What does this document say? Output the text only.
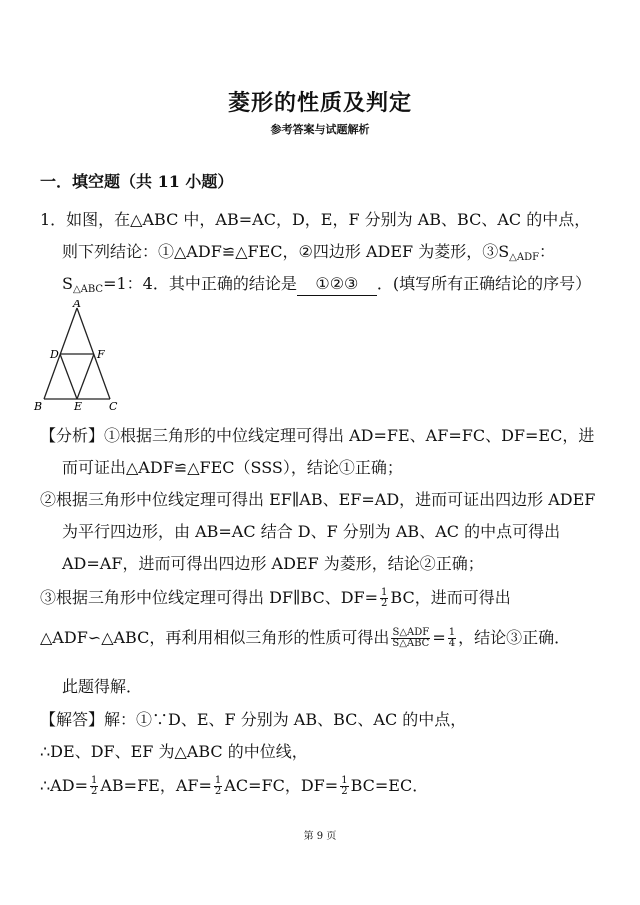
菱形的性质及判定
参考答案与试题解析
一．填空题（共 11 小题）
1．如图，在△ABC 中，AB=AC，D，E，F 分别为 AB、BC、AC 的中点，
则下列结论：①△ADF≌△FEC，②四边形 ADEF 为菱形，$③S_{\triangle ADF}$：
$S_{\triangle ABC}=1$：4．其中正确的结论是 ①②③ ．(填写所有正确结论的序号）
A
D	F
B	E C
【分析】①根据三角形的中位线定理可得出 AD=FE、AF=FC、DF=EC，进
而可证出△ADF≌△FEC（SSS），结论①正确；
②根据三角形中位线定理可得出 EF∥AB、EF=AD，进而可证出四边形 ADEF
为平行四边形，由 AB=AC 结合 D、F 分别为 AB、AC 的中点可得出
AD=AF，进而可得出四边形 ADEF 为菱形，结论②正确；
③根据三角形中位线定理可得出 DF∥BC、$DF= \frac{1}{2}$ BC，进而可得出
△ADF∽△ABC，再利用相似三角形的性质可得出 $\frac{\text{S△ADF}}{\text{S△ABC}} = \frac{1}{4}$ ，结论③正确．
此题得解．
【解答】解：①∵D、E、F 分别为 AB、BC、AC 的中点，
∴DE、DF、EF 为△ABC 的中位线，
∴AD= $\frac{1}{2} AB=FE$，$AF= \frac{1}{2} AC=FC$，$DF= \frac{1}{2} BC=EC$．
第 9 页
